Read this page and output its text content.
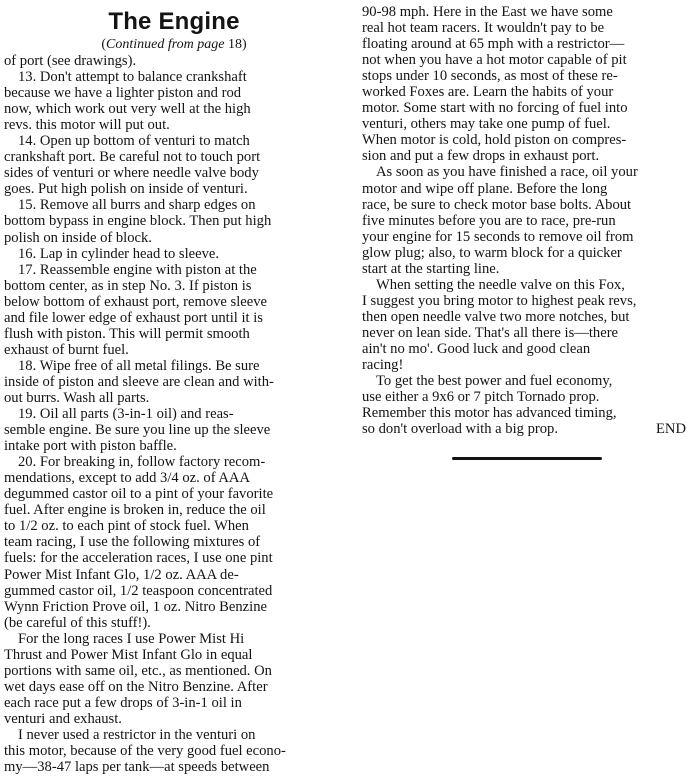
The Engine
(Continued from page 18)
of port (see drawings).
13. Don't attempt to balance crankshaft
because we have a lighter piston and rod
now, which work out very well at the high
revs. this motor will put out.
14. Open up bottom of venturi to match
crankshaft port. Be careful not to touch port
sides of venturi or where needle valve body
goes. Put high polish on inside of venturi.
15. Remove all burrs and sharp edges on
bottom bypass in engine block. Then put high
polish on inside of block.
16. Lap in cylinder head to sleeve.
17. Reassemble engine with piston at the
bottom center, as in step No. 3. If piston is
below bottom of exhaust port, remove sleeve
and file lower edge of exhaust port until it is
flush with piston. This will permit smooth
exhaust of burnt fuel.
18. Wipe free of all metal filings. Be sure
inside of piston and sleeve are clean and with-
out burrs. Wash all parts.
19. Oil all parts (3-in-1 oil) and reas-
semble engine. Be sure you line up the sleeve
intake port with piston baffle.
20. For breaking in, follow factory recom-
mendations, except to add 3/4 oz. of AAA
degummed castor oil to a pint of your favorite
fuel. After engine is broken in, reduce the oil
to 1/2 oz. to each pint of stock fuel. When
team racing, I use the following mixtures of
fuels: for the acceleration races, I use one pint
Power Mist Infant Glo, 1/2 oz. AAA de-
gummed castor oil, 1/2 teaspoon concentrated
Wynn Friction Prove oil, 1 oz. Nitro Benzine
(be careful of this stuff!).
For the long races I use Power Mist Hi
Thrust and Power Mist Infant Glo in equal
portions with same oil, etc., as mentioned. On
wet days ease off on the Nitro Benzine. After
each race put a few drops of 3-in-1 oil in
venturi and exhaust.
I never used a restrictor in the venturi on
this motor, because of the very good fuel econo-
my—38-47 laps per tank—at speeds between
90-98 mph. Here in the East we have some
real hot team racers. It wouldn't pay to be
floating around at 65 mph with a restrictor—
not when you have a hot motor capable of pit
stops under 10 seconds, as most of these re-
worked Foxes are. Learn the habits of your
motor. Some start with no forcing of fuel into
venturi, others may take one pump of fuel.
When motor is cold, hold piston on compres-
sion and put a few drops in exhaust port.
As soon as you have finished a race, oil your
motor and wipe off plane. Before the long
race, be sure to check motor base bolts. About
five minutes before you are to race, pre-run
your engine for 15 seconds to remove oil from
glow plug; also, to warm block for a quicker
start at the starting line.
When setting the needle valve on this Fox,
I suggest you bring motor to highest peak revs,
then open needle valve two more notches, but
never on lean side. That's all there is—there
ain't no mo'. Good luck and good clean
racing!
To get the best power and fuel economy,
use either a 9x6 or 7 pitch Tornado prop.
Remember this motor has advanced timing,
so don't overload with a big prop.	END
